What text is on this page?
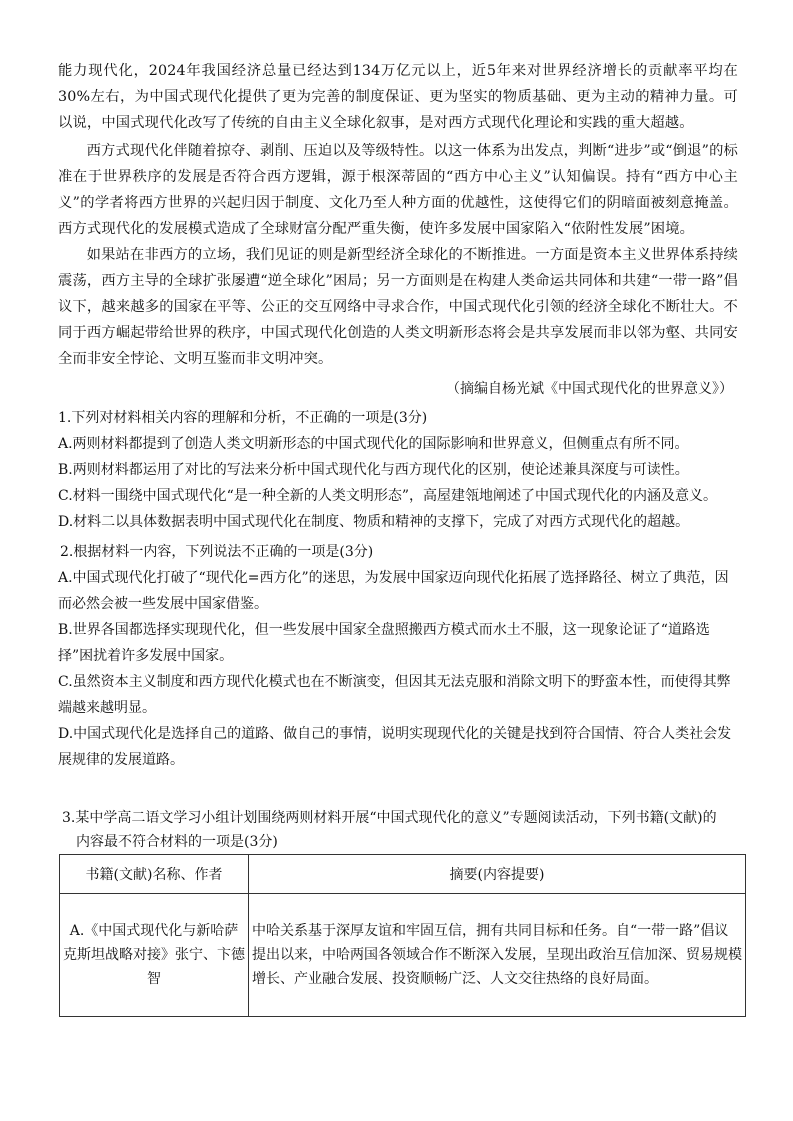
能力现代化，2024年我国经济总量已经达到134万亿元以上，近5年来对世界经济增长的贡献率平均在30%左右，为中国式现代化提供了更为完善的制度保证、更为坚实的物质基础、更为主动的精神力量。可以说，中国式现代化改写了传统的自由主义全球化叙事，是对西方式现代化理论和实践的重大超越。

西方式现代化伴随着掠夺、剥削、压迫以及等级特性。以这一体系为出发点，判断“进步”或“倒退”的标准在于世界秩序的发展是否符合西方逻辑，源于根深蒂固的“西方中心主义”认知偏误。持有“西方中心主义”的学者将西方世界的兴起归因于制度、文化乃至人种方面的优越性，这使得它们的阴暗面被刻意掩盖。西方式现代化的发展模式造成了全球财富分配严重失衡，使许多发展中国家陷入“依附性发展”困境。

如果站在非西方的立场，我们见证的则是新型经济全球化的不断推进。一方面是资本主义世界体系持续震荡，西方主导的全球扩张屡遭“逆全球化”困局；另一方面则是在构建人类命运共同体和共建“一带一路”倡议下，越来越多的国家在平等、公正的交互网络中寻求合作，中国式现代化引领的经济全球化不断壮大。不同于西方崛起带给世界的秩序，中国式现代化创造的人类文明新形态将会是共享发展而非以邻为壑、共同安全而非安全悖论、文明互鉴而非文明冲突。

（摘编自杨光斌《中国式现代化的世界意义》）

1.下列对材料相关内容的理解和分析，不正确的一项是(3分)
A.两则材料都提到了创造人类文明新形态的中国式现代化的国际影响和世界意义，但侧重点有所不同。
B.两则材料都运用了对比的写法来分析中国式现代化与西方现代化的区别，使论述兼具深度与可读性。
C.材料一围绕中国式现代化“是一种全新的人类文明形态”，高屋建瓴地阐述了中国式现代化的内涵及意义。
D.材料二以具体数据表明中国式现代化在制度、物质和精神的支撑下，完成了对西方式现代化的超越。
2.根据材料一内容，下列说法不正确的一项是(3分)
A.中国式现代化打破了“现代化=西方化”的迷思，为发展中国家迈向现代化拓展了选择路径、树立了典范，因而必然会被一些发展中国家借鉴。
B.世界各国都选择实现现代化，但一些发展中国家全盘照搬西方模式而水土不服，这一现象论证了“道路选择”困扰着许多发展中国家。
C.虽然资本主义制度和西方现代化模式也在不断演变，但因其无法克服和消除文明下的野蛮本性，而使得其弊端越来越明显。
D.中国式现代化是选择自己的道路、做自己的事情，说明实现现代化的关键是找到符合国情、符合人类社会发展规律的发展道路。
3.某中学高二语文学习小组计划围绕两则材料开展“中国式现代化的意义”专题阅读活动，下列书籍(文献)的
内容最不符合材料的一项是(3分)
书籍(文献)名称、作者	摘要(内容提要)
A.《中国式现代化与新哈萨克斯坦战略对接》张宁、卞德智	中哈关系基于深厚友谊和牢固互信，拥有共同目标和任务。自“一带一路”倡议提出以来，中哈两国各领域合作不断深入发展，呈现出政治互信加深、贸易规模增长、产业融合发展、投资顺畅广泛、人文交往热络的良好局面。
